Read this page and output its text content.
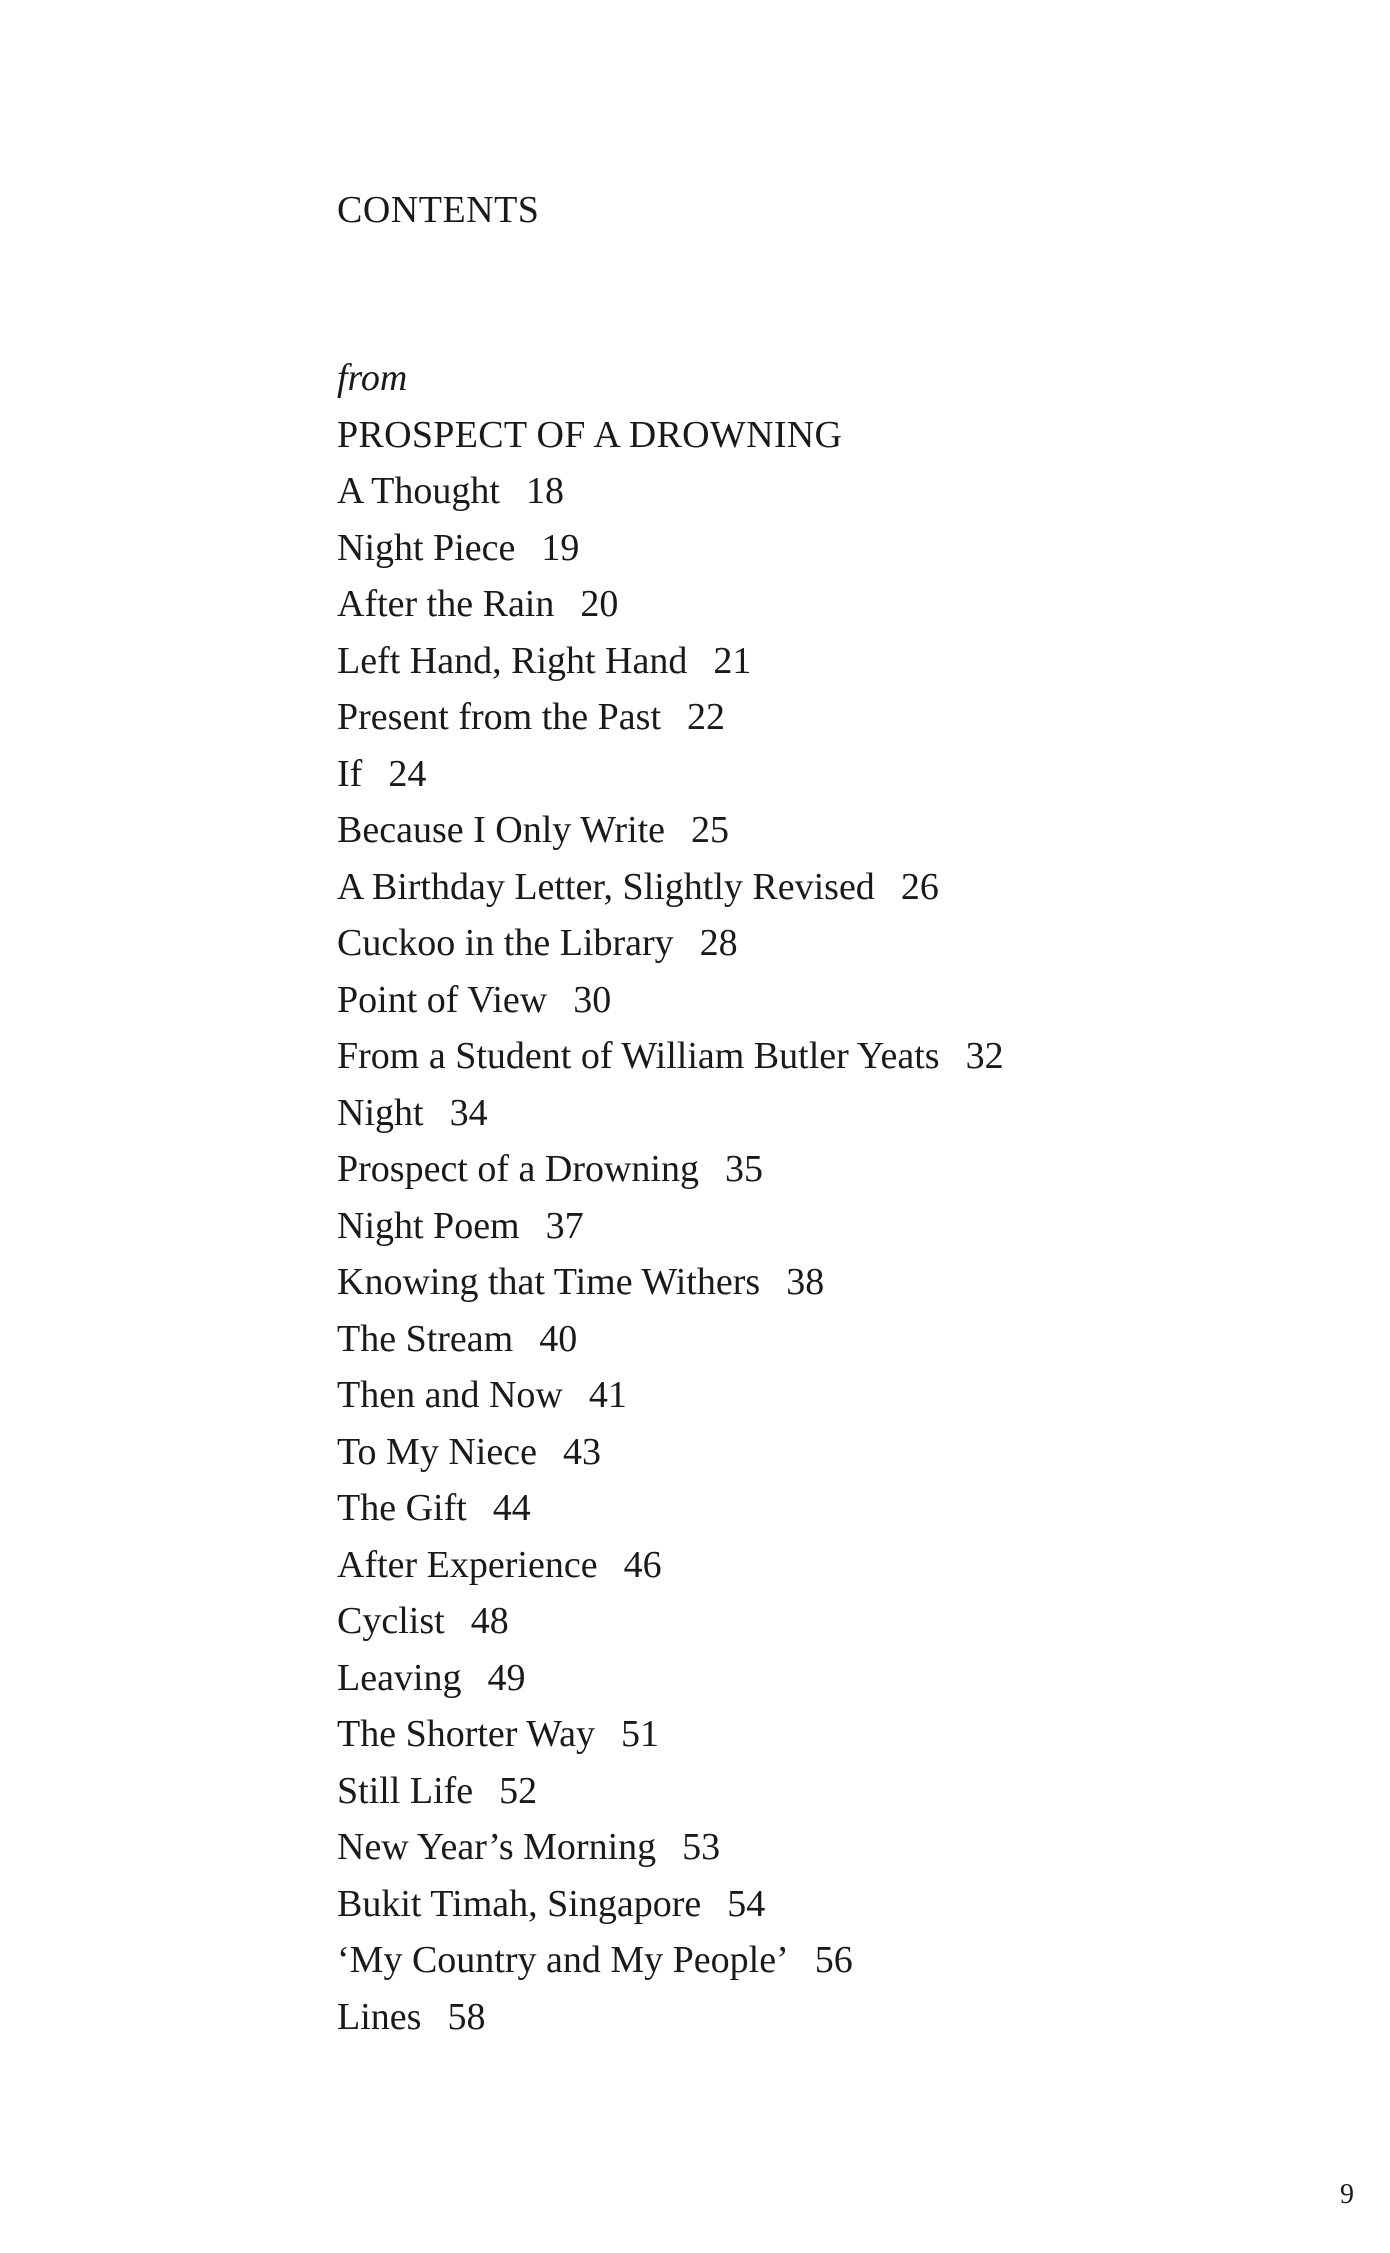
CONTENTS
from
PROSPECT OF A DROWNING
A Thought 18
Night Piece 19
After the Rain 20
Left Hand, Right Hand 21
Present from the Past 22
If 24
Because I Only Write 25
A Birthday Letter, Slightly Revised 26
Cuckoo in the Library 28
Point of View 30
From a Student of William Butler Yeats 32
Night 34
Prospect of a Drowning 35
Night Poem 37
Knowing that Time Withers 38
The Stream 40
Then and Now 41
To My Niece 43
The Gift 44
After Experience 46
Cyclist 48
Leaving 49
The Shorter Way 51
Still Life 52
New Year’s Morning 53
Bukit Timah, Singapore 54
‘My Country and My People’ 56
Lines 58
9
